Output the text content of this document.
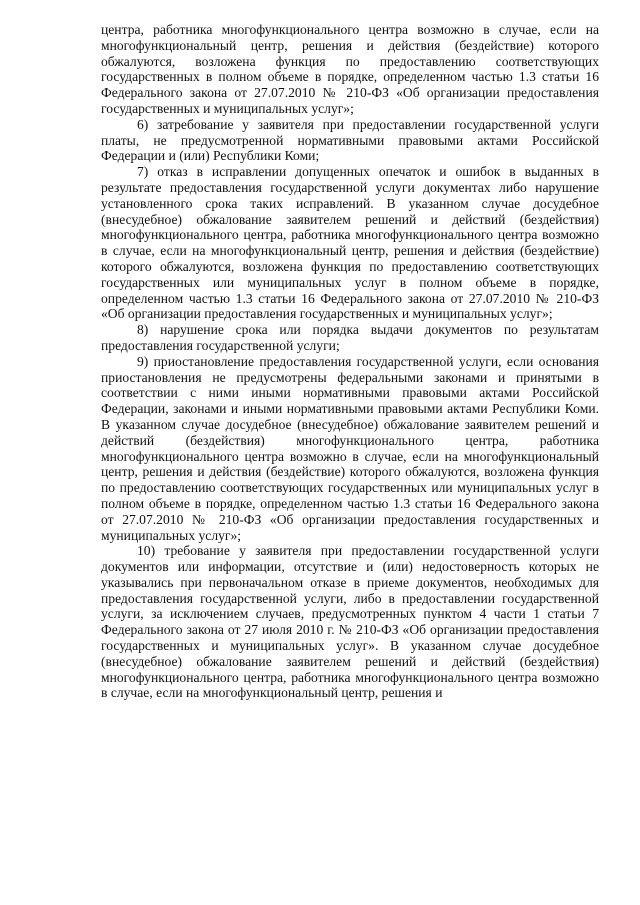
центра, работника многофункционального центра возможно в случае, если на многофункциональный центр, решения и действия (бездействие) которого обжалуются, возложена функция по предоставлению соответствующих государственных в полном объеме в порядке, определенном частью 1.3 статьи 16 Федерального закона от 27.07.2010 № 210-ФЗ «Об организации предоставления государственных и муниципальных услуг»;

6) затребование у заявителя при предоставлении государственной услуги платы, не предусмотренной нормативными правовыми актами Российской Федерации и (или) Республики Коми;

7) отказ в исправлении допущенных опечаток и ошибок в выданных в результате предоставления государственной услуги документах либо нарушение установленного срока таких исправлений. В указанном случае досудебное (внесудебное) обжалование заявителем решений и действий (бездействия) многофункционального центра, работника многофункционального центра возможно в случае, если на многофункциональный центр, решения и действия (бездействие) которого обжалуются, возложена функция по предоставлению соответствующих государственных или муниципальных услуг в полном объеме в порядке, определенном частью 1.3 статьи 16 Федерального закона от 27.07.2010 № 210-ФЗ «Об организации предоставления государственных и муниципальных услуг»;

8) нарушение срока или порядка выдачи документов по результатам предоставления государственной услуги;

9) приостановление предоставления государственной услуги, если основания приостановления не предусмотрены федеральными законами и принятыми в соответствии с ними иными нормативными правовыми актами Российской Федерации, законами и иными нормативными правовыми актами Республики Коми. В указанном случае досудебное (внесудебное) обжалование заявителем решений и действий (бездействия) многофункционального центра, работника многофункционального центра возможно в случае, если на многофункциональный центр, решения и действия (бездействие) которого обжалуются, возложена функция по предоставлению соответствующих государственных или муниципальных услуг в полном объеме в порядке, определенном частью 1.3 статьи 16 Федерального закона от 27.07.2010 № 210-ФЗ «Об организации предоставления государственных и муниципальных услуг»;

10) требование у заявителя при предоставлении государственной услуги документов или информации, отсутствие и (или) недостоверность которых не указывались при первоначальном отказе в приеме документов, необходимых для предоставления государственной услуги, либо в предоставлении государственной услуги, за исключением случаев, предусмотренных пунктом 4 части 1 статьи 7 Федерального закона от 27 июля 2010 г. № 210-ФЗ «Об организации предоставления государственных и муниципальных услуг». В указанном случае досудебное (внесудебное) обжалование заявителем решений и действий (бездействия) многофункционального центра, работника многофункционального центра возможно в случае, если на многофункциональный центр, решения и
